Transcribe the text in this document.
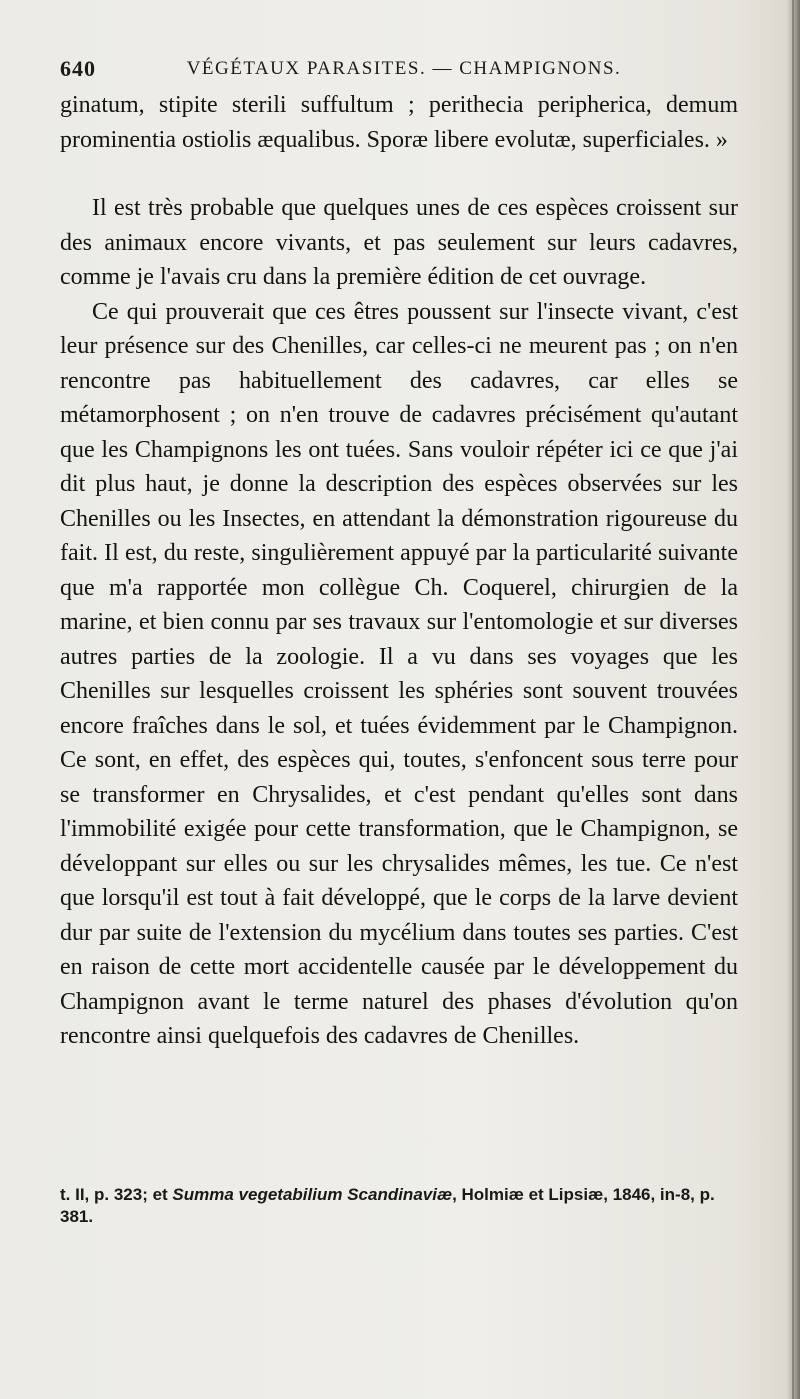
640	VÉGÉTAUX PARASITES. — CHAMPIGNONS.

ginatum, stipite sterili suffultum ; perithecia peripherica, demum prominentia ostiolis æqualibus. Sporæ libere evolutæ, superficiales. »

Il est très probable que quelques unes de ces espèces croissent sur des animaux encore vivants, et pas seulement sur leurs cadavres, comme je l'avais cru dans la première édition de cet ouvrage.

Ce qui prouverait que ces êtres poussent sur l'insecte vivant, c'est leur présence sur des Chenilles, car celles-ci ne meurent pas ; on n'en rencontre pas habituellement des cadavres, car elles se métamorphosent ; on n'en trouve de cadavres précisément qu'autant que les Champignons les ont tuées. Sans vouloir répéter ici ce que j'ai dit plus haut, je donne la description des espèces observées sur les Chenilles ou les Insectes, en attendant la démonstration rigoureuse du fait. Il est, du reste, singulièrement appuyé par la particularité suivante que m'a rapportée mon collègue Ch. Coquerel, chirurgien de la marine, et bien connu par ses travaux sur l'entomologie et sur diverses autres parties de la zoologie. Il a vu dans ses voyages que les Chenilles sur lesquelles croissent les sphéries sont souvent trouvées encore fraîches dans le sol, et tuées évidemment par le Champignon. Ce sont, en effet, des espèces qui, toutes, s'enfoncent sous terre pour se transformer en Chrysalides, et c'est pendant qu'elles sont dans l'immobilité exigée pour cette transformation, que le Champignon, se développant sur elles ou sur les chrysalides mêmes, les tue. Ce n'est que lorsqu'il est tout à fait développé, que le corps de la larve devient dur par suite de l'extension du mycélium dans toutes ses parties. C'est en raison de cette mort accidentelle causée par le développement du Champignon avant le terme naturel des phases d'évolution qu'on rencontre ainsi quelquefois des cadavres de Chenilles.

t. II, p. 323; et Summa vegetabilium Scandinaviæ, Holmiæ et Lipsiæ, 1846, in-8, p. 381.
